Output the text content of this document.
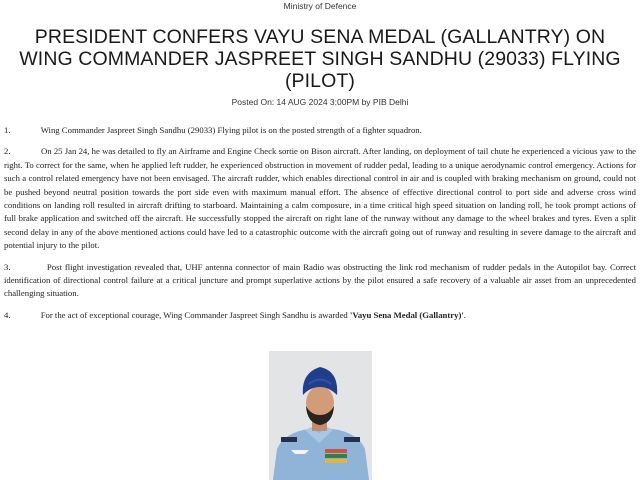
Ministry of Defence
PRESIDENT CONFERS VAYU SENA MEDAL (GALLANTRY) ON WING COMMANDER JASPREET SINGH SANDHU (29033) FLYING (PILOT)
Posted On: 14 AUG 2024 3:00PM by PIB Delhi

1.	Wing Commander Jaspreet Singh Sandhu (29033) Flying pilot is on the posted strength of a fighter squadron.

2.	On 25 Jan 24, he was detailed to fly an Airframe and Engine Check sortie on Bison aircraft. After landing, on deployment of tail chute he experienced a vicious yaw to the right. To correct for the same, when he applied left rudder, he experienced obstruction in movement of rudder pedal, leading to a unique aerodynamic control emergency. Actions for such a control related emergency have not been envisaged. The aircraft rudder, which enables directional control in air and is coupled with braking mechanism on ground, could not be pushed beyond neutral position towards the port side even with maximum manual effort. The absence of effective directional control to port side and adverse cross wind conditions on landing roll resulted in aircraft drifting to starboard. Maintaining a calm composure, in a time critical high speed situation on landing roll, he took prompt actions of full brake application and switched off the aircraft. He successfully stopped the aircraft on right lane of the runway without any damage to the wheel brakes and tyres. Even a split second delay in any of the above mentioned actions could have led to a catastrophic outcome with the aircraft going out of runway and resulting in severe damage to the aircraft and potential injury to the pilot.

3.	Post flight investigation revealed that, UHF antenna connector of main Radio was obstructing the link rod mechanism of rudder pedals in the Autopilot bay. Correct identification of directional control failure at a critical juncture and prompt superlative actions by the pilot ensured a safe recovery of a valuable air asset from an unprecedented challenging situation.

4.	For the act of exceptional courage, Wing Commander Jaspreet Singh Sandhu is awarded 'Vayu Sena Medal (Gallantry)'.
